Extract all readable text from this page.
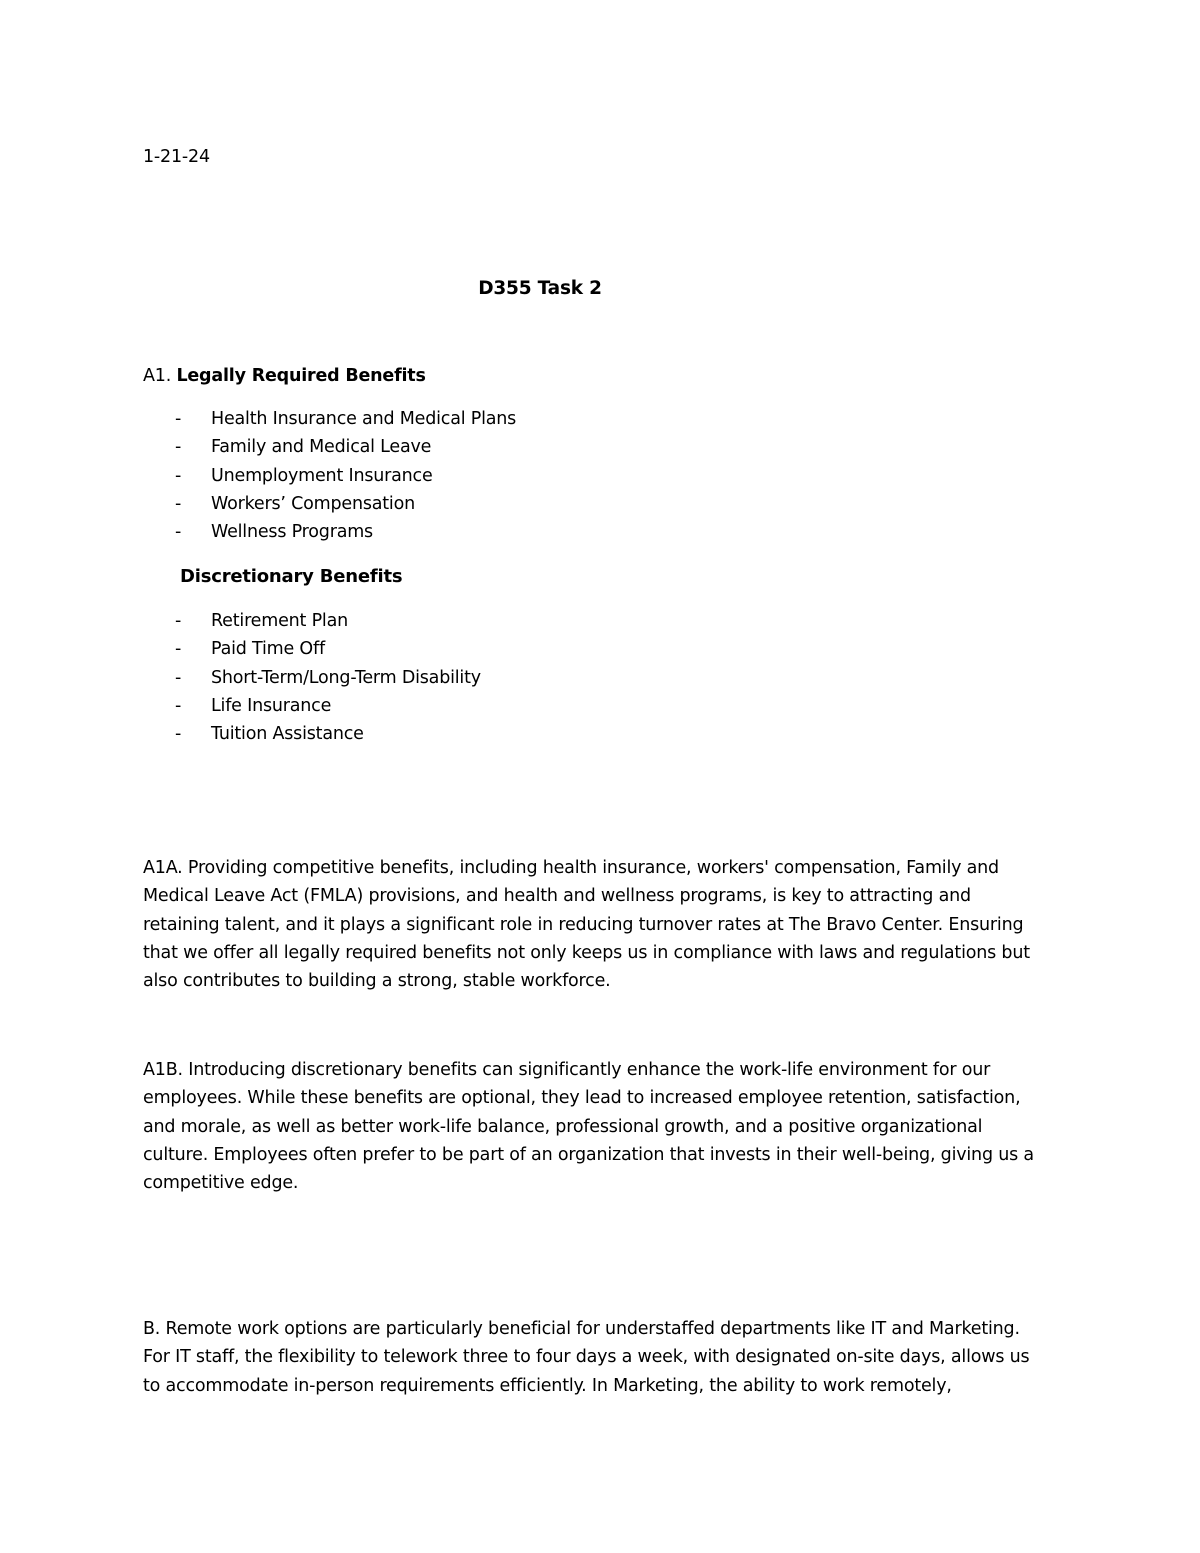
1-21-24
D355 Task 2
A1. Legally Required Benefits
- Health Insurance and Medical Plans
- Family and Medical Leave
- Unemployment Insurance
- Workers’ Compensation
- Wellness Programs
Discretionary Benefits
- Retirement Plan
- Paid Time Off
- Short-Term/Long-Term Disability
- Life Insurance
- Tuition Assistance

A1A. Providing competitive benefits, including health insurance, workers' compensation, Family and
Medical Leave Act (FMLA) provisions, and health and wellness programs, is key to attracting and
retaining talent, and it plays a significant role in reducing turnover rates at The Bravo Center. Ensuring
that we offer all legally required benefits not only keeps us in compliance with laws and regulations but
also contributes to building a strong, stable workforce.

A1B. Introducing discretionary benefits can significantly enhance the work-life environment for our
employees. While these benefits are optional, they lead to increased employee retention, satisfaction,
and morale, as well as better work-life balance, professional growth, and a positive organizational
culture. Employees often prefer to be part of an organization that invests in their well-being, giving us a
competitive edge.

B. Remote work options are particularly beneficial for understaffed departments like IT and Marketing.
For IT staff, the flexibility to telework three to four days a week, with designated on-site days, allows us
to accommodate in-person requirements efficiently. In Marketing, the ability to work remotely,
